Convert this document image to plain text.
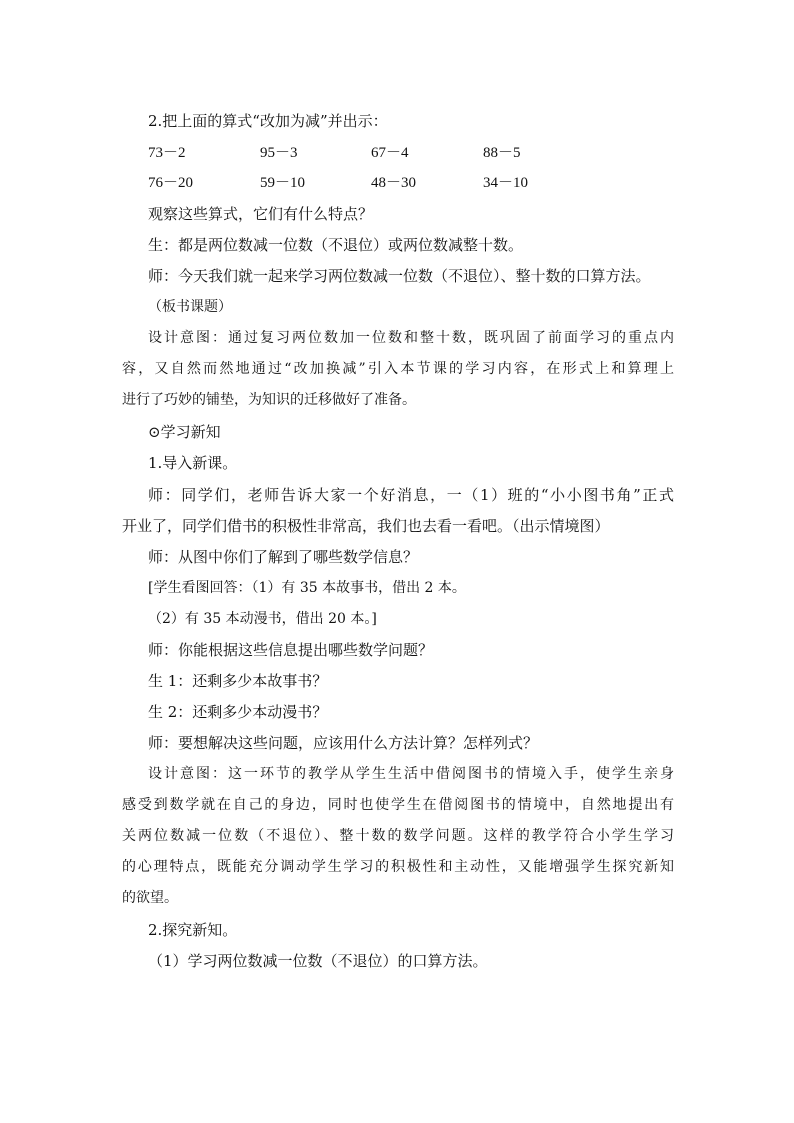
2.把上面的算式“改加为减”并出示：
73－2	95－3	67－4	88－5
76－20	59－10	48－30	34－10
观察这些算式，它们有什么特点？
生：都是两位数减一位数（不退位）或两位数减整十数。
师：今天我们就一起来学习两位数减一位数（不退位）、整十数的口算方法。
（板书课题）
设计意图：通过复习两位数加一位数和整十数，既巩固了前面学习的重点内
容，又自然而然地通过“改加换减”引入本节课的学习内容，在形式上和算理上
进行了巧妙的铺垫，为知识的迁移做好了准备。
⊙学习新知
1.导入新课。
师：同学们，老师告诉大家一个好消息，一（1）班的“小小图书角”正式
开业了，同学们借书的积极性非常高，我们也去看一看吧。（出示情境图）
师：从图中你们了解到了哪些数学信息？
[学生看图回答：（1）有 35 本故事书，借出 2 本。
（2）有 35 本动漫书，借出 20 本。]
师：你能根据这些信息提出哪些数学问题？
生 1：还剩多少本故事书？
生 2：还剩多少本动漫书？
师：要想解决这些问题，应该用什么方法计算？怎样列式？
设计意图：这一环节的教学从学生生活中借阅图书的情境入手，使学生亲身
感受到数学就在自己的身边，同时也使学生在借阅图书的情境中，自然地提出有
关两位数减一位数（不退位）、整十数的数学问题。这样的教学符合小学生学习
的心理特点，既能充分调动学生学习的积极性和主动性，又能增强学生探究新知
的欲望。
2.探究新知。
（1）学习两位数减一位数（不退位）的口算方法。
